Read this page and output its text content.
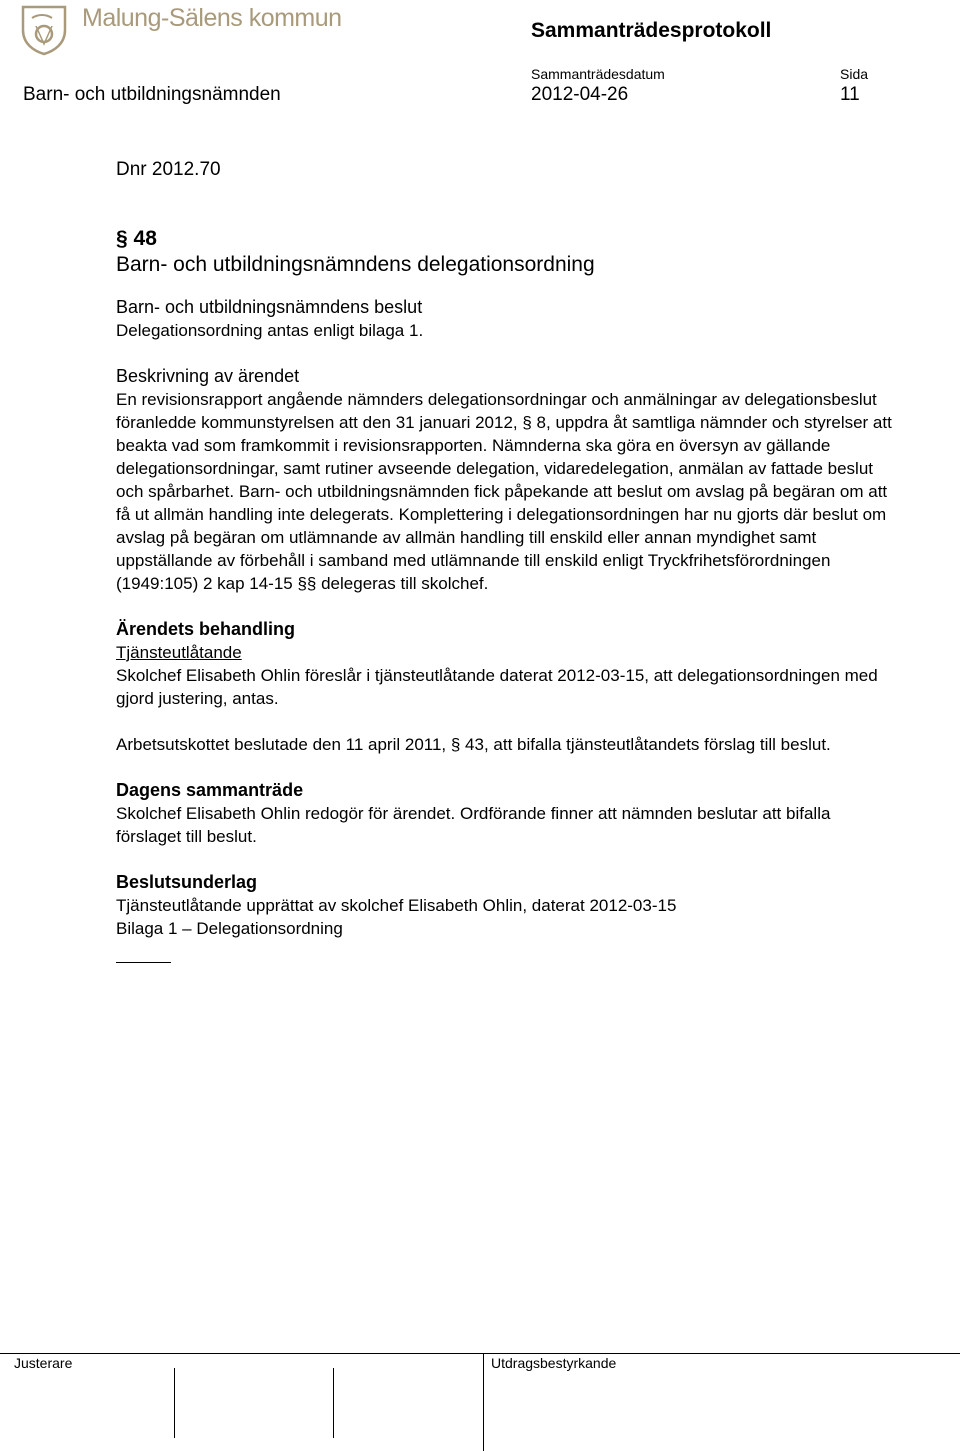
Malung-Sälens kommun	Sammanträdesprotokoll
Sammanträdesdatum	Sida
Barn- och utbildningsnämnden	2012-04-26	11

Dnr 2012.70

§ 48

Barn- och utbildningsnämndens delegationsordning

Barn- och utbildningsnämndens beslut

Delegationsordning antas enligt bilaga 1.

Beskrivning av ärendet

En revisionsrapport angående nämnders delegationsordningar och anmälningar av delegationsbeslut föranledde kommunstyrelsen att den 31 januari 2012, § 8, uppdra åt samtliga nämnder och styrelser att beakta vad som framkommit i revisionsrapporten. Nämnderna ska göra en översyn av gällande delegationsordningar, samt rutiner avseende delegation, vidaredelegation, anmälan av fattade beslut och spårbarhet. Barn- och utbildningsnämnden fick påpekande att beslut om avslag på begäran om att få ut allmän handling inte delegerats. Komplettering i delegationsordningen har nu gjorts där beslut om avslag på begäran om utlämnande av allmän handling till enskild eller annan myndighet samt uppställande av förbehåll i samband med utlämnande till enskild enligt Tryckfrihetsförordningen (1949:105) 2 kap 14-15 §§ delegeras till skolchef.

Ärendets behandling

Tjänsteutlåtande

Skolchef Elisabeth Ohlin föreslår i tjänsteutlåtande daterat 2012-03-15, att delegationsordningen med gjord justering, antas.

Arbetsutskottet beslutade den 11 april 2011, § 43, att bifalla tjänsteutlåtandets förslag till beslut.

Dagens sammanträde

Skolchef Elisabeth Ohlin redogör för ärendet. Ordförande finner att nämnden beslutar att bifalla förslaget till beslut.

Beslutsunderlag

Tjänsteutlåtande upprättat av skolchef Elisabeth Ohlin, daterat 2012-03-15

Bilaga 1 – Delegationsordning

Justerare	Utdragsbestyrkande
